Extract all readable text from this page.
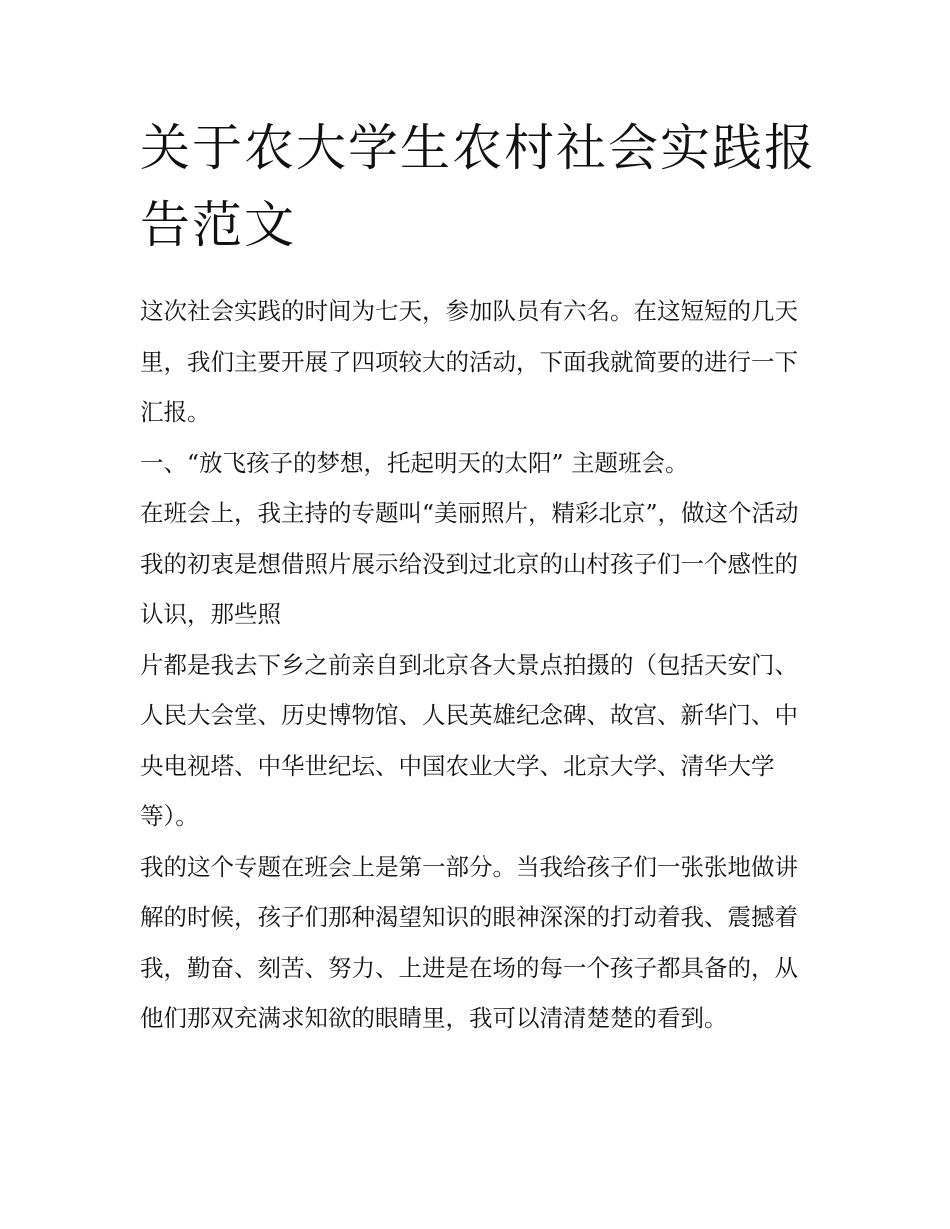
关于农大学生农村社会实践报告范文

这次社会实践的时间为七天，参加队员有六名。在这短短的几天里，我们主要开展了四项较大的活动，下面我就简要的进行一下汇报。

一、“放飞孩子的梦想，托起明天的太阳” 主题班会。

在班会上，我主持的专题叫“美丽照片，精彩北京”，做这个活动我的初衷是想借照片展示给没到过北京的山村孩子们一个感性的认识，那些照

片都是我去下乡之前亲自到北京各大景点拍摄的（包括天安门、人民大会堂、历史博物馆、人民英雄纪念碑、故宫、新华门、中央电视塔、中华世纪坛、中国农业大学、北京大学、清华大学等）。

我的这个专题在班会上是第一部分。当我给孩子们一张张地做讲解的时候，孩子们那种渴望知识的眼神深深的打动着我、震撼着我，勤奋、刻苦、努力、上进是在场的每一个孩子都具备的，从他们那双充满求知欲的眼睛里，我可以清清楚楚的看到。
